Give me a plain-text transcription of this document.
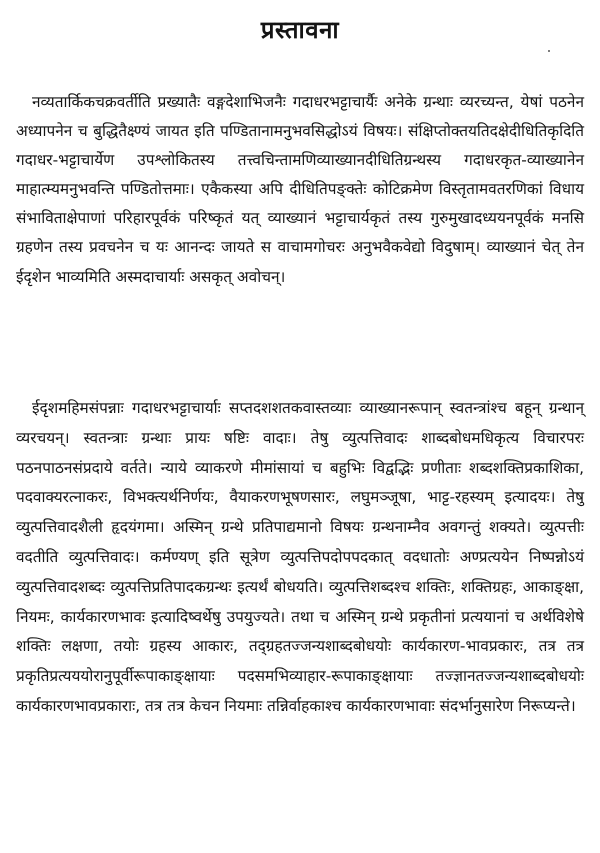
प्रस्तावना

नव्यतार्किकचक्रवर्तीति प्रख्यातैः वङ्गदेशाभिजनैः गदाधरभट्टाचार्यैः अनेके ग्रन्थाः व्यरच्यन्त, येषां पठनेन अध्यापनेन च बुद्धितैक्ष्ण्यं जायत इति पण्डितानामनुभवसिद्धोऽयं विषयः। संक्षिप्तोक्तयतिदक्षेदीधितिकृदिति गदाधर-भट्टाचार्येण उपश्लोकितस्य तत्त्वचिन्तामणिव्याख्यानदीधितिग्रन्थस्य गदाधरकृत-व्याख्यानेन माहात्म्यमनुभवन्ति पण्डितोत्तमाः। एकैकस्या अपि दीधितिपङ्क्तेः कोटिक्रमेण विस्तृतामवतरणिकां विधाय संभाविताक्षेपाणां परिहारपूर्वकं परिष्कृतं यत् व्याख्यानं भट्टाचार्यकृतं तस्य गुरुमुखादध्ययनपूर्वकं मनसि ग्रहणेन तस्य प्रवचनेन च यः आनन्दः जायते स वाचामगोचरः अनुभवैकवेद्यो विदुषाम्। व्याख्यानं चेत् तेन ईदृशेन भाव्यमिति अस्मदाचार्याः असकृत् अवोचन्।

ईदृशमहिमसंपन्नाः गदाधरभट्टाचार्याः सप्तदशशतकवास्तव्याः व्याख्यानरूपान् स्वतन्त्रांश्च बहून् ग्रन्थान् व्यरचयन्। स्वतन्त्राः ग्रन्थाः प्रायः षष्टिः वादाः। तेषु व्युत्पत्तिवादः शाब्दबोधमधिकृत्य विचारपरः पठनपाठनसंप्रदाये वर्तते। न्याये व्याकरणे मीमांसायां च बहुभिः विद्वद्भिः प्रणीताः शब्दशक्तिप्रकाशिका, पदवाक्यरत्नाकरः, विभक्त्यर्थनिर्णयः, वैयाकरणभूषणसारः, लघुमञ्जूषा, भाट्ट-रहस्यम् इत्यादयः। तेषु व्युत्पत्तिवादशैली हृदयंगमा। अस्मिन् ग्रन्थे प्रतिपाद्यमानो विषयः ग्रन्थनाम्नैव अवगन्तुं शक्यते। व्युत्पत्तीः वदतीति व्युत्पत्तिवादः। कर्मण्यण् इति सूत्रेण व्युत्पत्तिपदोपपदकात् वदधातोः अण्प्रत्ययेन निष्पन्नोऽयं व्युत्पत्तिवादशब्दः व्युत्पत्तिप्रतिपादकग्रन्थः इत्यर्थं बोधयति। व्युत्पत्तिशब्दश्च शक्तिः, शक्तिग्रहः, आकाङ्क्षा, नियमः, कार्यकारणभावः इत्यादिष्वर्थेषु उपयुज्यते। तथा च अस्मिन् ग्रन्थे प्रकृतीनां प्रत्ययानां च अर्थविशेषे शक्तिः लक्षणा, तयोः ग्रहस्य आकारः, तद्ग्रहतज्जन्यशाब्दबोधयोः कार्यकारण-भावप्रकारः, तत्र तत्र प्रकृतिप्रत्यययोरानुपूर्वीरूपाकाङ्क्षायाः पदसमभिव्याहार-रूपाकाङ्क्षायाः तज्ज्ञानतज्जन्यशाब्दबोधयोः कार्यकारणभावप्रकाराः, तत्र तत्र केचन नियमाः तन्निर्वाहकाश्च कार्यकारणभावाः संदर्भानुसारेण निरूप्यन्ते।
